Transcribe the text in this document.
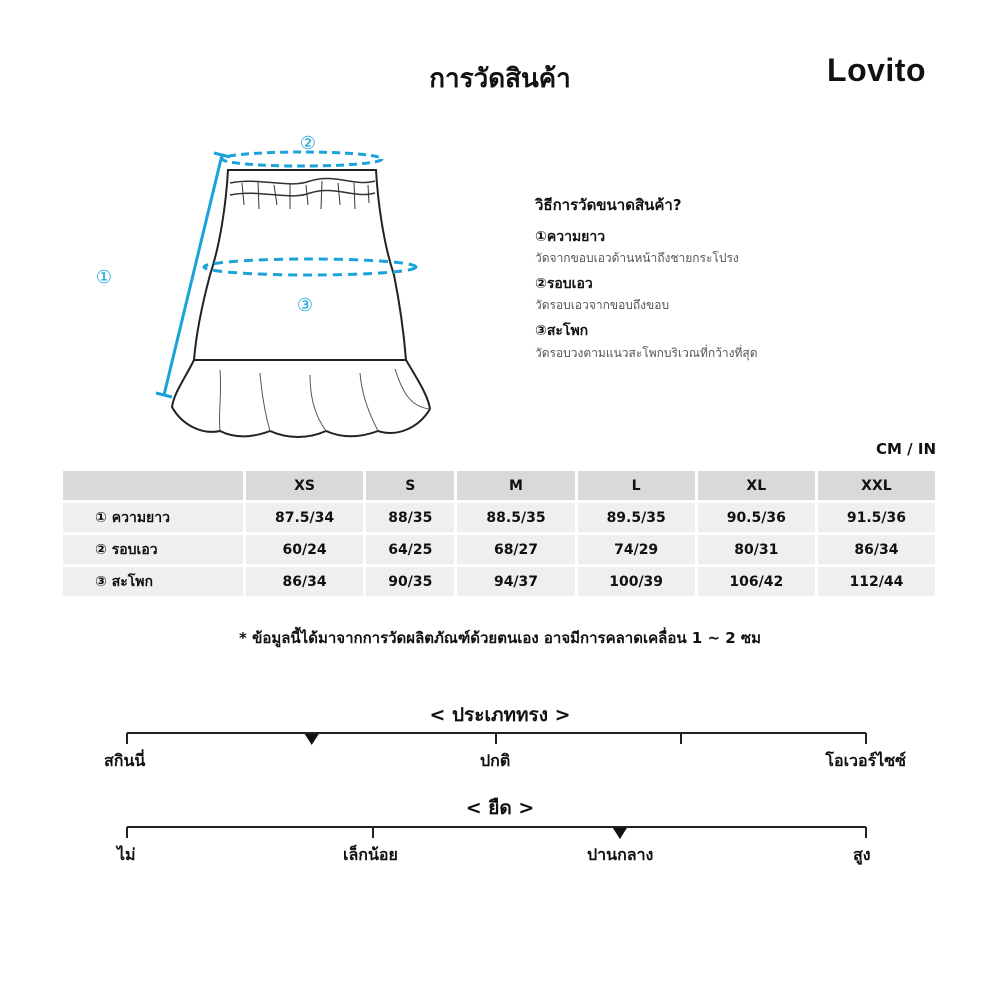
การวัดสินค้า	Lovito
②
③
①
วิธีการวัดขนาดสินค้า?
①ความยาว
วัดจากขอบเอวด้านหน้าถึงชายกระโปรง
②รอบเอว
วัดรอบเอวจากขอบถึงขอบ
③สะโพก
วัดรอบวงตามแนวสะโพกบริเวณที่กว้างที่สุด
CM / IN
	XS	S	M	L	XL	XXL
① ความยาว	87.5/34	88/35	88.5/35	89.5/35	90.5/36	91.5/36
② รอบเอว	60/24	64/25	68/27	74/29	80/31	86/34
③ สะโพก	86/34	90/35	94/37	100/39	106/42	112/44
* ข้อมูลนี้ได้มาจากการวัดผลิตภัณฑ์ด้วยตนเอง อาจมีการคลาดเคลื่อน 1 ~ 2 ซม
< ประเภททรง >
< ยืด >
สกินนี่	ปกติ	โอเวอร์ไซซ์
ไม่	เล็กน้อย	ปานกลาง	สูง
